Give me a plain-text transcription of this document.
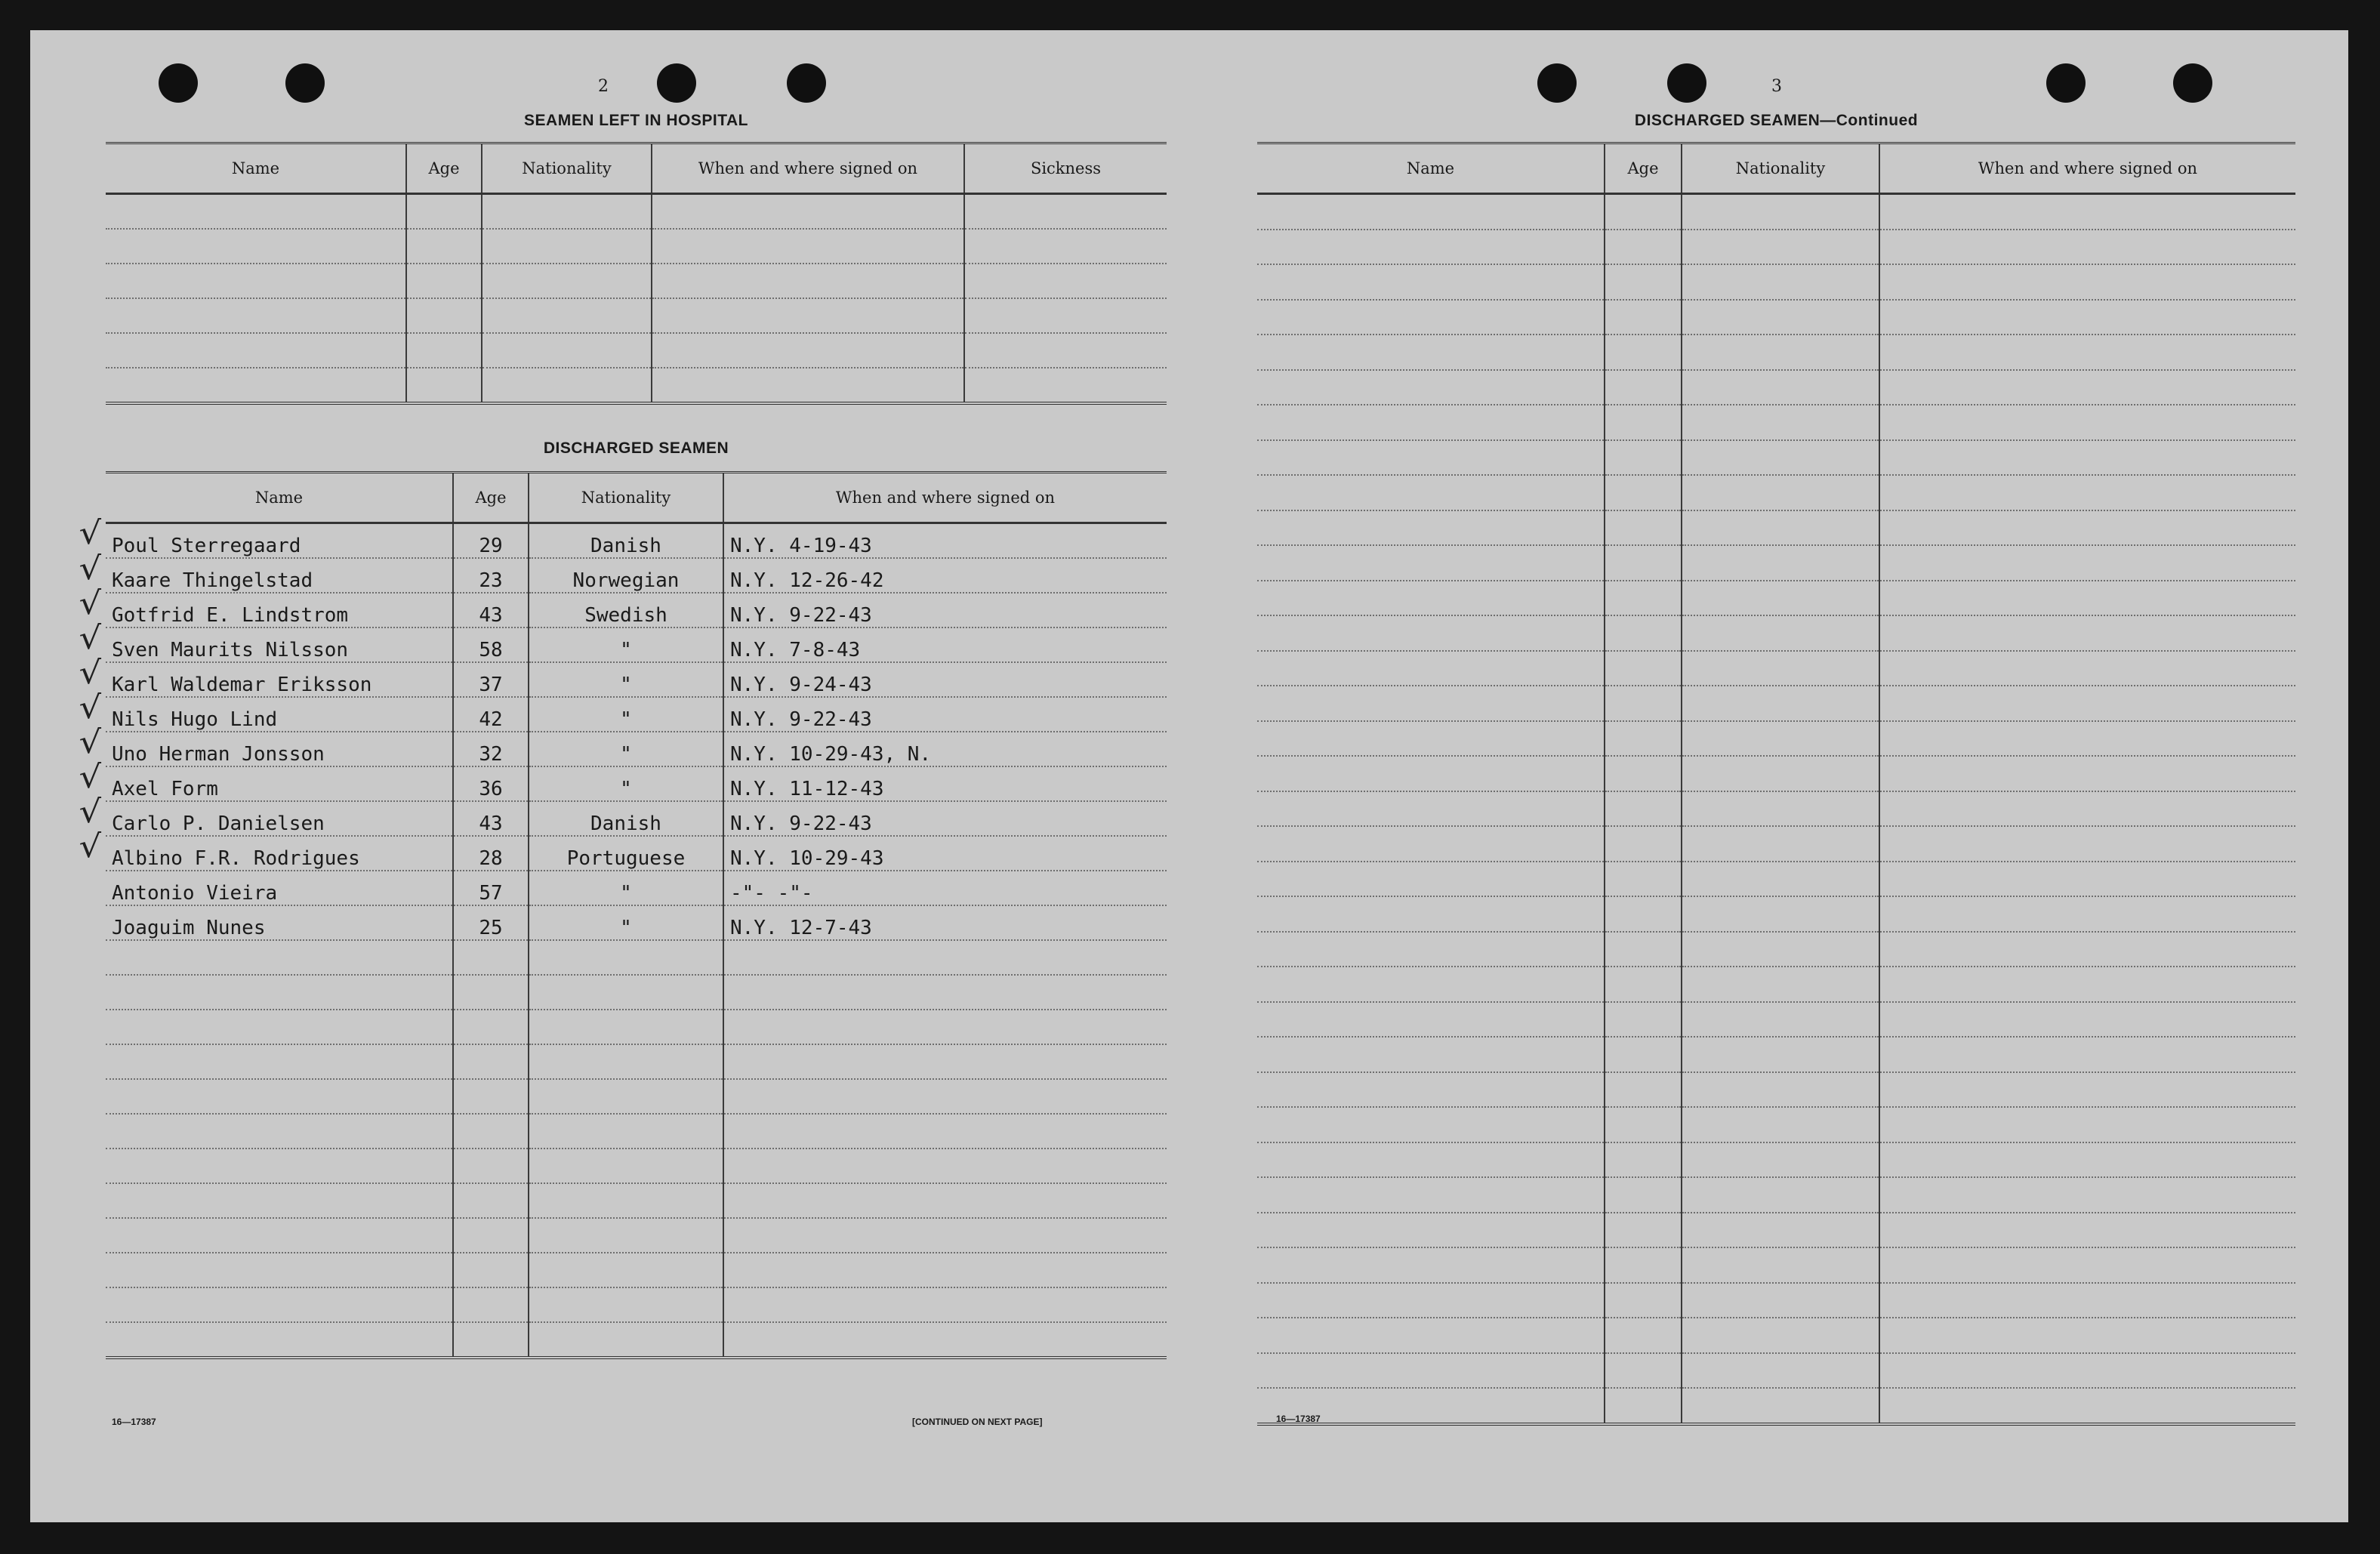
2
SEAMEN LEFT IN HOSPITAL
Name	Age	Nationality	When and where signed on	Sickness

DISCHARGED SEAMEN
Name	Age	Nationality	When and where signed on
Poul Sterregaard	29	Danish	N.Y. 4-19-43
Kaare Thingelstad	23	Norwegian	N.Y. 12-26-42
Gotfrid E. Lindstrom	43	Swedish	N.Y. 9-22-43
Sven Maurits Nilsson	58	"	N.Y. 7-8-43
Karl Waldemar Eriksson	37	"	N.Y. 9-24-43
Nils Hugo Lind	42	"	N.Y. 9-22-43
Uno Herman Jonsson	32	"	N.Y. 10-29-43, N.
Axel Form	36	"	N.Y. 11-12-43
Carlo P. Danielsen	43	Danish	N.Y. 9-22-43
Albino F.R. Rodrigues	28	Portuguese	N.Y. 10-29-43
Antonio Vieira	57	"	-"- -"-
Joaguim Nunes	25	"	N.Y. 12-7-43

16—17387	[CONTINUED ON NEXT PAGE]
3
DISCHARGED SEAMEN—Continued
Name	Age	Nationality	When and where signed on

16—17387
√
√
√
√
√
√
√
√
√
√
